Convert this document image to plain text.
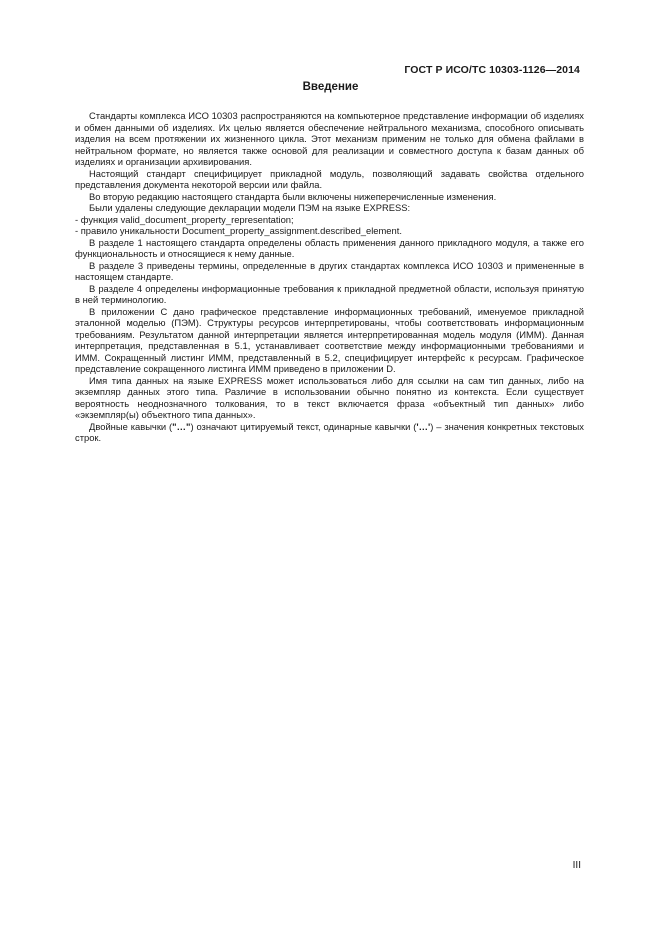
ГОСТ Р ИСО/ТС 10303-1126—2014
Введение

Стандарты комплекса ИСО 10303 распространяются на компьютерное представление информации об изделиях и обмен данными об изделиях. Их целью является обеспечение нейтрального механизма, способного описывать изделия на всем протяжении их жизненного цикла. Этот механизм применим не только для обмена файлами в нейтральном формате, но является также основой для реализации и совместного доступа к базам данных об изделиях и организации архивирования.

Настоящий стандарт специфицирует прикладной модуль, позволяющий задавать свойства отдельного представления документа некоторой версии или файла.

Во вторую редакцию настоящего стандарта были включены нижеперечисленные изменения.

Были удалены следующие декларации модели ПЭМ на языке EXPRESS:

- функция valid_document_property_representation;

- правило уникальности Document_property_assignment.described_element.

В разделе 1 настоящего стандарта определены область применения данного прикладного модуля, а также его функциональность и относящиеся к нему данные.

В разделе 3 приведены термины, определенные в других стандартах комплекса ИСО 10303 и примененные в настоящем стандарте.

В разделе 4 определены информационные требования к прикладной предметной области, используя принятую в ней терминологию.

В приложении С дано графическое представление информационных требований, именуемое прикладной эталонной моделью (ПЭМ). Структуры ресурсов интерпретированы, чтобы соответствовать информационным требованиям. Результатом данной интерпретации является интерпретированная модель модуля (ИММ). Данная интерпретация, представленная в 5.1, устанавливает соответствие между информационными требованиями и ИММ. Сокращенный листинг ИММ, представленный в 5.2, специфицирует интерфейс к ресурсам. Графическое представление сокращенного листинга ИММ приведено в приложении D.

Имя типа данных на языке EXPRESS может использоваться либо для ссылки на сам тип данных, либо на экземпляр данных этого типа. Различие в использовании обычно понятно из контекста. Если существует вероятность неоднозначного толкования, то в текст включается фраза «объектный тип данных» либо «экземпляр(ы) объектного типа данных».

Двойные кавычки ("…") означают цитируемый текст, одинарные кавычки ('…') – значения конкретных текстовых строк.

III
